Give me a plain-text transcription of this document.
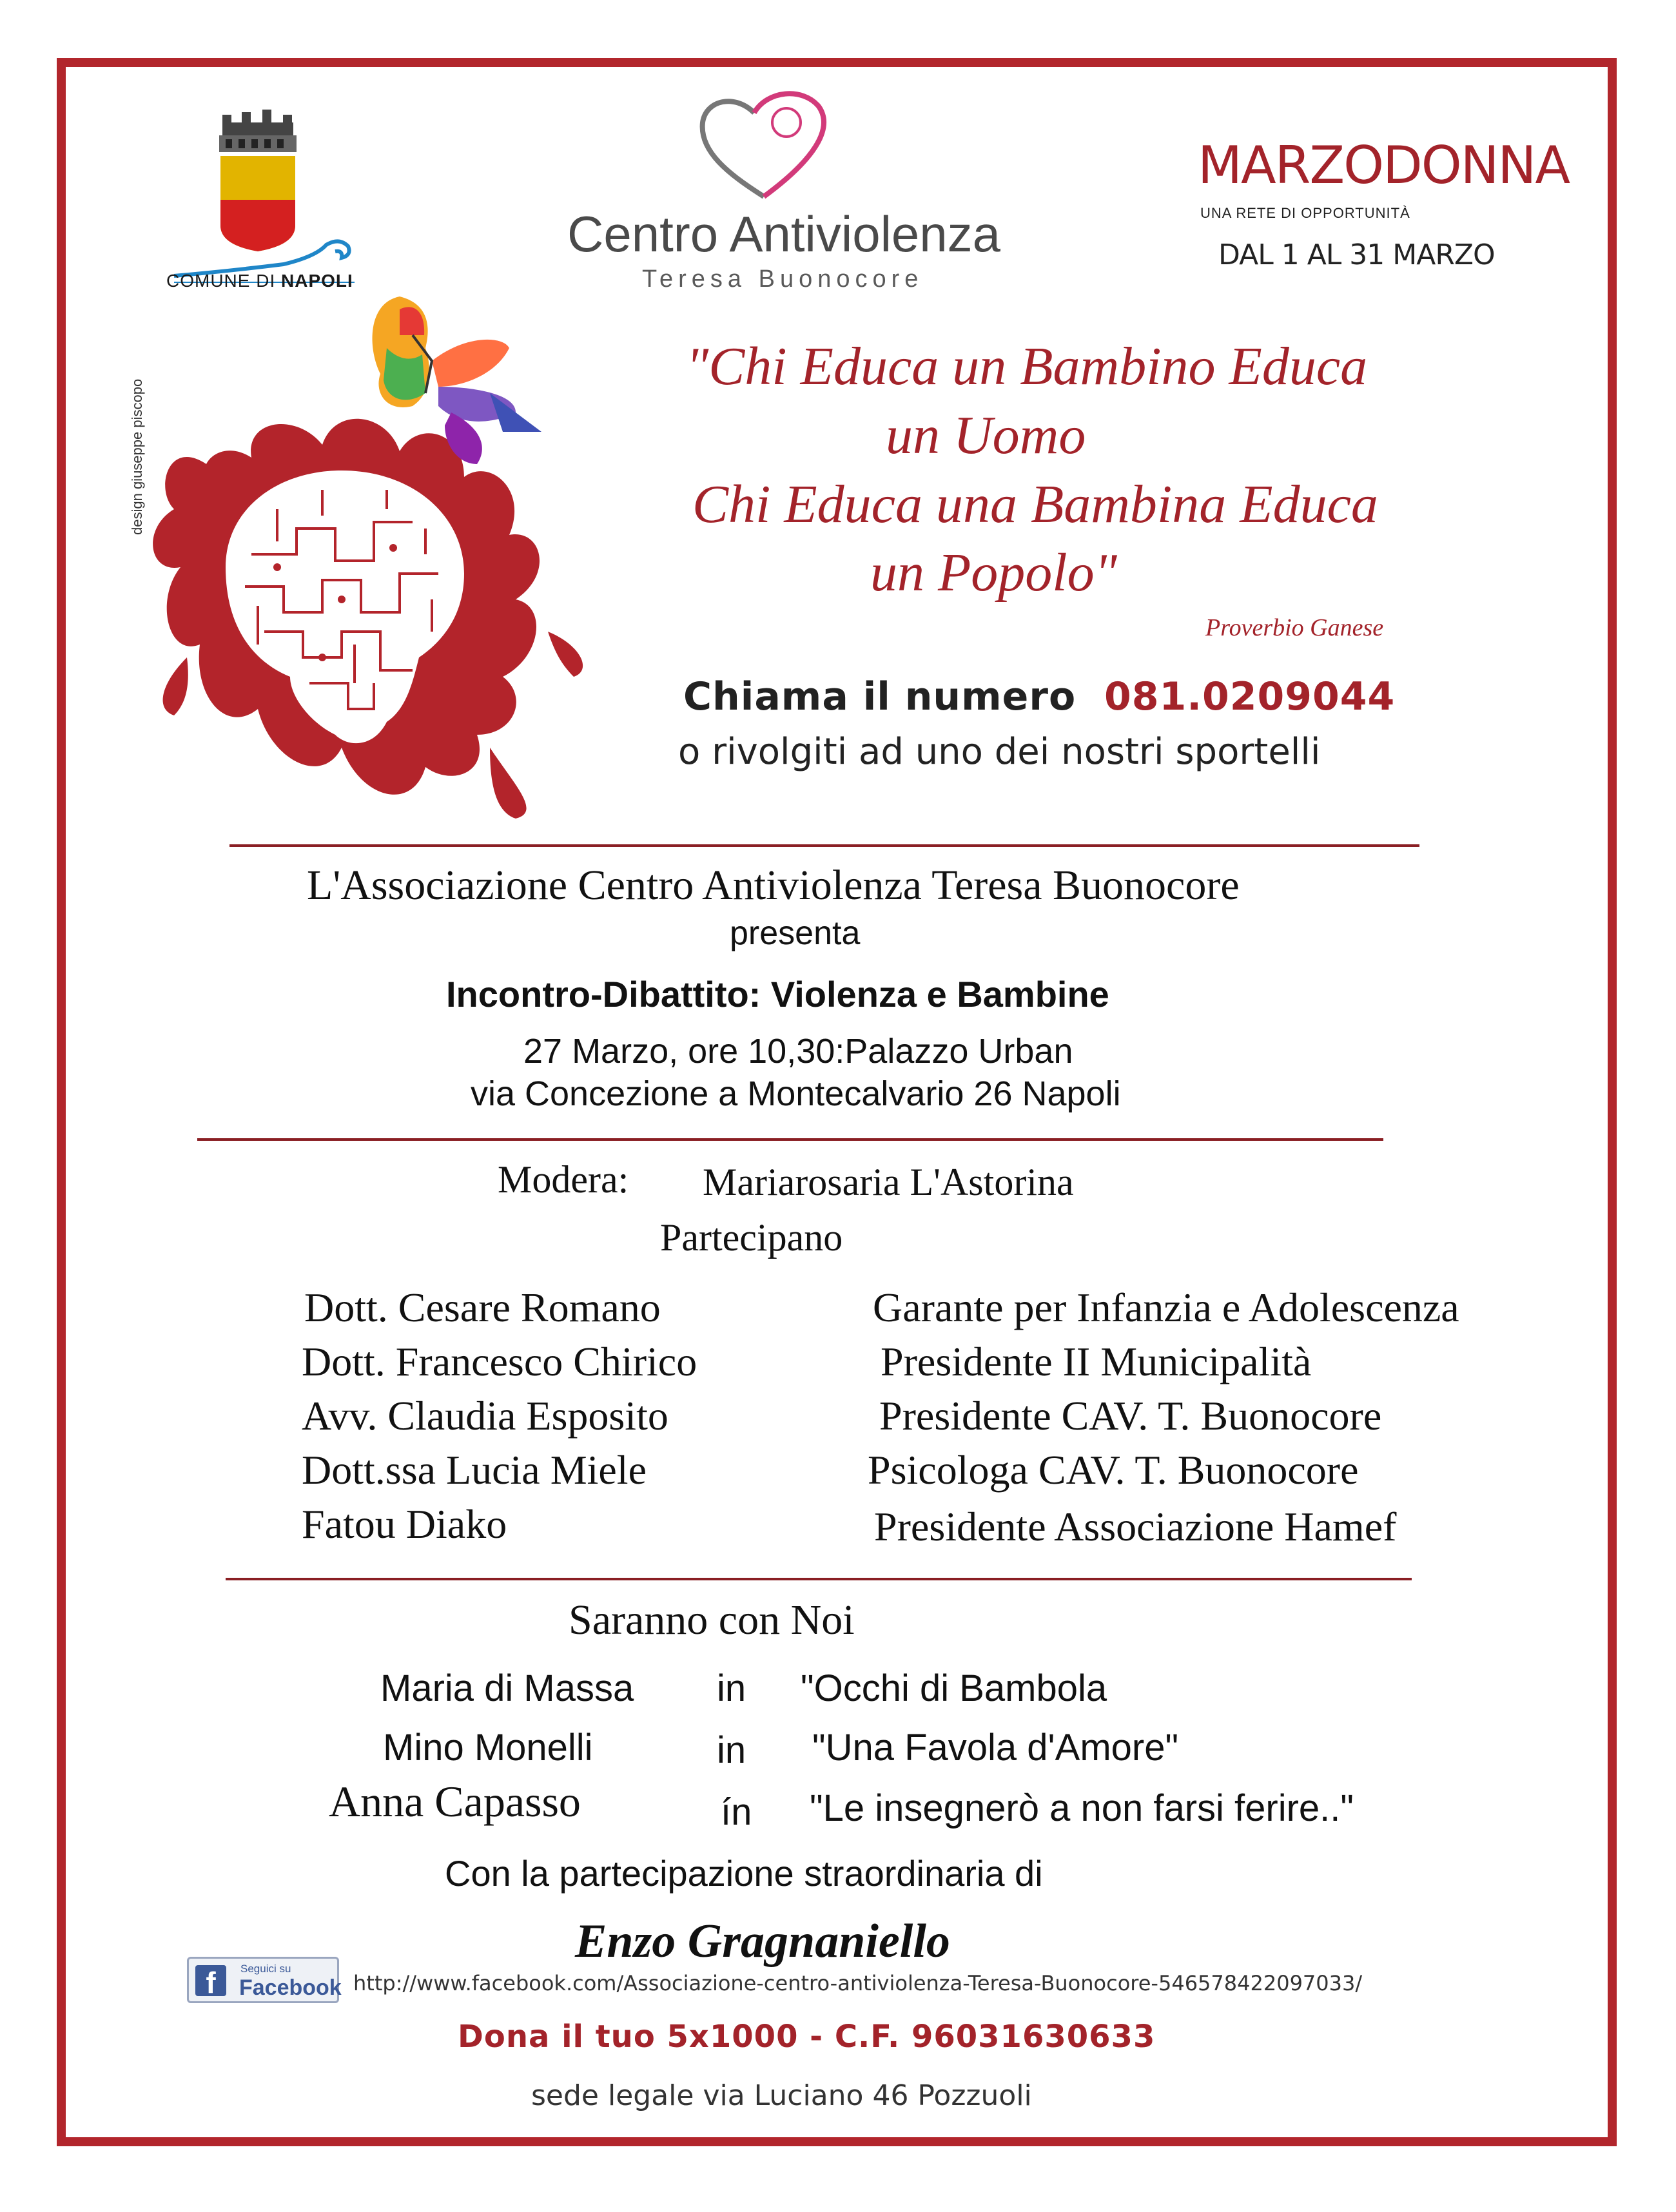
COMUNE DI NAPOLI
Centro Antiviolenza
Teresa Buonocore
MARZODONNA
UNA RETE DI OPPORTUNITÀ
DAL 1 AL 31 MARZO
design giuseppe piscopo
"Chi Educa un Bambino Educa
un Uomo
Chi Educa una Bambina Educa
un Popolo"
Proverbio Ganese
Chiama il numero 081.0209044
o rivolgiti ad uno dei nostri sportelli
L'Associazione Centro Antiviolenza Teresa Buonocore
presenta
Incontro-Dibattito: Violenza e Bambine
27 Marzo, ore 10,30:Palazzo Urban
via Concezione a Montecalvario 26 Napoli
Modera: Mariarosaria L'Astorina
Partecipano
Dott. Cesare Romano	Garante per Infanzia e Adolescenza
Dott. Francesco Chirico	Presidente II Municipalità
Avv. Claudia Esposito	Presidente CAV. T. Buonocore
Dott.ssa Lucia Miele	Psicologa CAV. T. Buonocore
Fatou Diako	Presidente Associazione Hamef
Saranno con Noi
Maria di Massa in "Occhi di Bambola
Mino Monelli	in "Una Favola d'Amore"
Anna Capasso	ín "Le insegnerò a non farsi ferire.."
Con la partecipazione straordinaria di
Enzo Gragnaniello
f	Seguici su
Facebook http://www.facebook.com/Associazione-centro-antiviolenza-Teresa-Buonocore-546578422097033/
Dona il tuo 5x1000 - C.F. 96031630633
sede legale via Luciano 46 Pozzuoli
